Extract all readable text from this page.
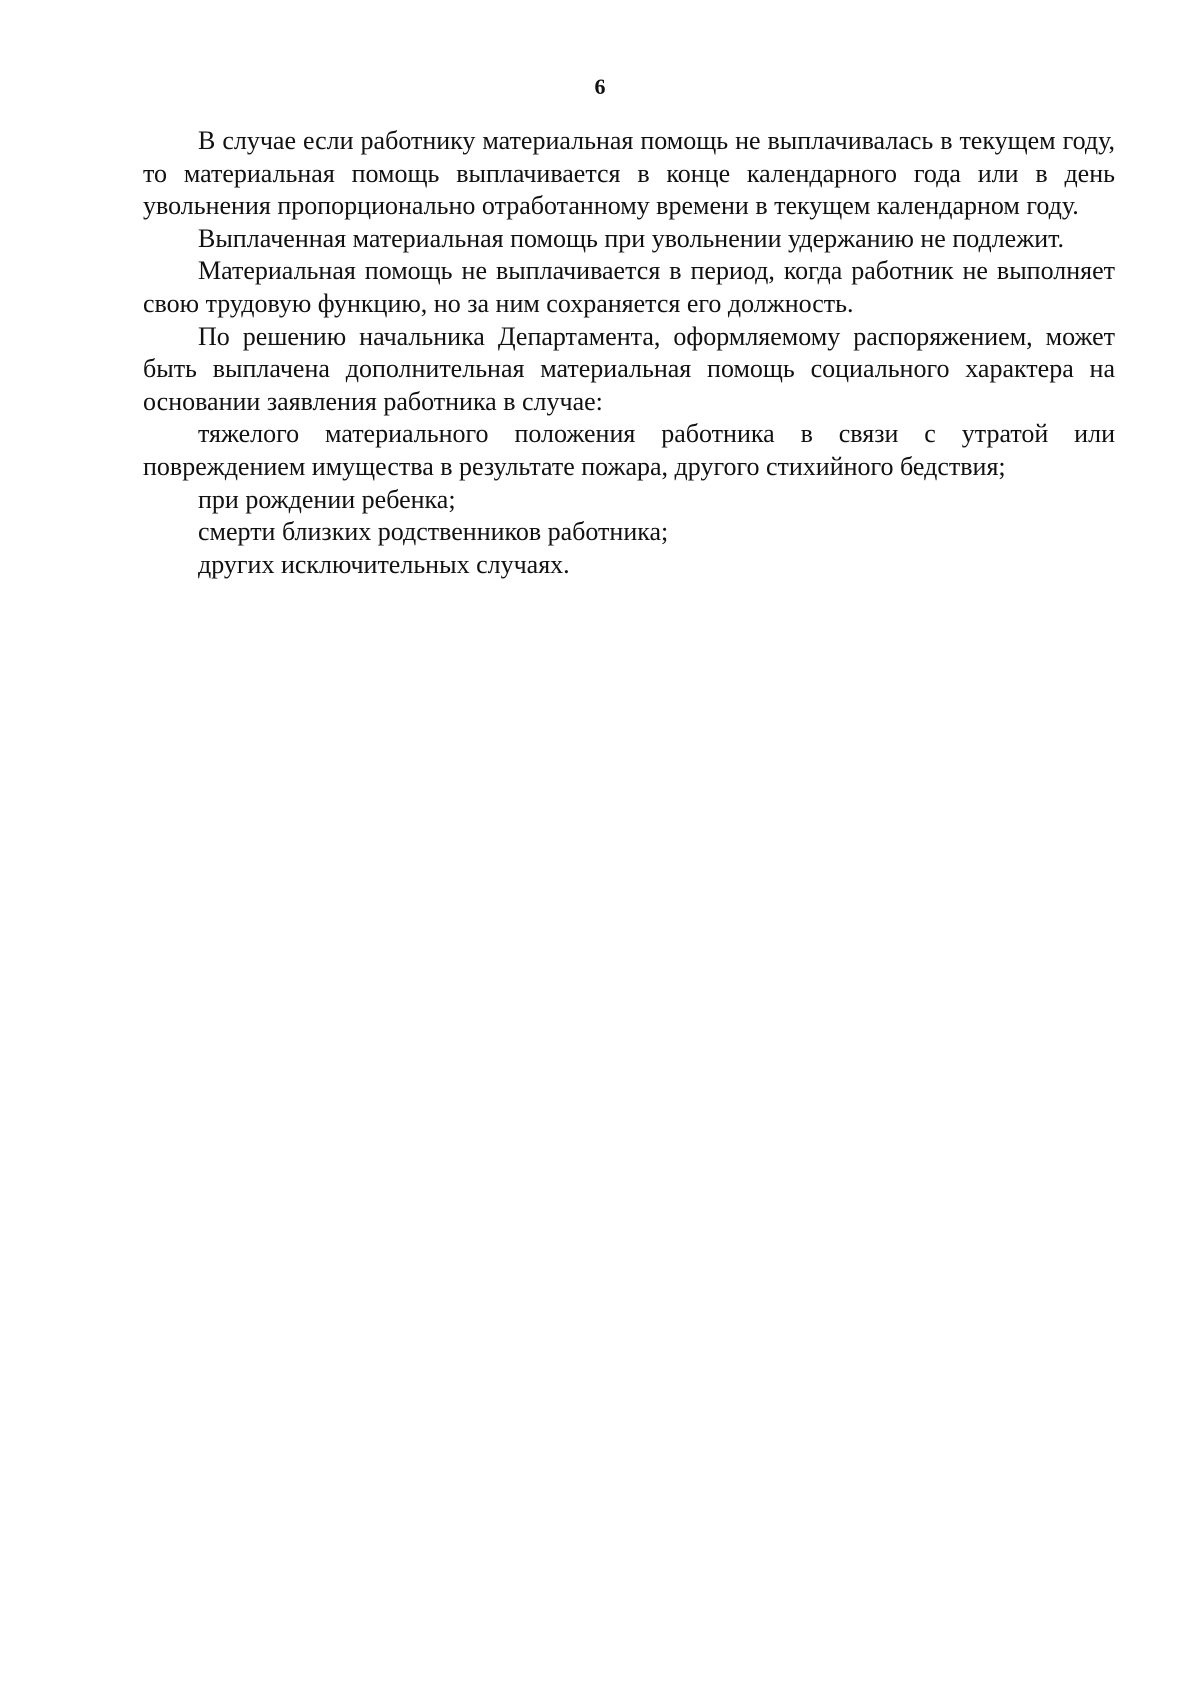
6

В случае если работнику материальная помощь не выплачивалась в текущем году, то материальная помощь выплачивается в конце календарного года или в день увольнения пропорционально отработанному времени в текущем календарном году.

Выплаченная материальная помощь при увольнении удержанию не подлежит.

Материальная помощь не выплачивается в период, когда работник не выполняет свою трудовую функцию, но за ним сохраняется его должность.

По решению начальника Департамента, оформляемому распоряжением, может быть выплачена дополнительная материальная помощь социального характера на основании заявления работника в случае:

тяжелого материального положения работника в связи с утратой или повреждением имущества в результате пожара, другого стихийного бедствия;

при рождении ребенка;

смерти близких родственников работника;

других исключительных случаях.
